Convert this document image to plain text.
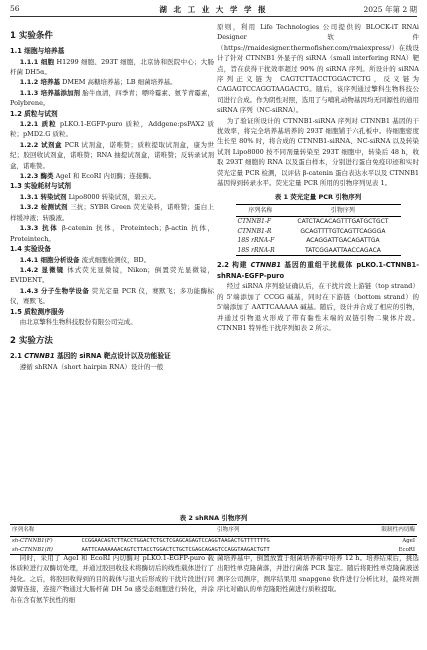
56	湖 北 工 业 大 学 学 报	2025 年第 2 期
1 实验条件
1.1 细胞与培养基

1.1.1 细胞 H1299 细胞、293T 细胞，北京协和医院中心；大肠杆菌 DH5α。

1.1.2 培养基 DMEM 高糖培养基；LB 细菌培养基。

1.1.3 培养基添加剂 胎牛血清，四季青；嘌呤霉素、氨苄青霉素，Polybrene。

1.2 质粒与试剂

1.2.1 质粒 pLKO.1-EGFP-puro 质粒，Addgene:psPAX2 质粒；pMD2.G 质粒。

1.2.2 试剂盒 PCR 试剂盒，诺唯赞；质粒提取试剂盒，康为世纪；胶回收试剂盒，诺唯赞；RNA 抽提试剂盒，诺唯赞；反转录试剂盒，诺唯赞。

1.2.3 酶类 AgeI 和 EcoRI 内切酶；连接酶。

1.3 实验耗材与试剂

1.3.1 转染试剂 Lipo8000 转染试剂，碧云天。

1.3.2 检测试剂 三抗；SYBR Green 荧光染料，诺唯赞；蛋白上样缓冲液；转膜液。

1.3.3 抗体 β-catenin 抗体，Proteintech；β-actin 抗体，Proteintech。

1.4 实验设备

1.4.1 细胞分析设备 流式细胞检测仪，BD。

1.4.2 显微镜 体式荧光显微镜，Nikon；倒置荧光显微镜，EVIDENT。

1.4.3 分子生物学设备 荧光定量 PCR 仪，赛默飞；多功能酶标仪，赛默飞。

1.5 质粒测序服务

由北京擎科生物科技股份有限公司完成。

2 实验方法
2.1 CTNNB1 基因的 siRNA 靶点设计以及功能验证

遵循 shRNA（short hairpin RNA）设计的一般

原则，利用 Life Technologies 公司提供的 BLOCK-iT RNAi Designer 软件（https://rnaidesigner.thermofisher.com/rnaiexpress/）在线设计了针对 CTNNB1 外显子的 siRNA（small interfering RNA）靶点，旨在获得干扰效率超过 90% 的 siRNA 序列。所设计的 siRNA 序列正义链为 CAGTCTTACCTGGACTCTG，反义链为 CAGAGTCCAGGTAAGACTG。随后，该序列通过擎科生物科技公司进行合成。作为阴性对照，选用了与哺乳动物基因均无同源性的通用 siRNA 序列（NC-siRNA）。

为了验证所设计的 CTNNB1-siRNA 序列对 CTNNB1 基因的干扰效率，将完全培养基培养的 293T 细胞铺于六孔板中。待细胞密度生长至 80% 时，将合成的 CTNNB1-siRNA、NC-siRNA 以及转染试剂 Lipo8000 按不同剂量转染至 293T 细胞中，转染后 48 h，收取 293T 细胞的 RNA 以及蛋白样本，分别进行蛋白免疫印迹和实时荧光定量 PCR 检测，以评估 β-catenin 蛋白表达水平以及 CTNNB1 基因得到转录水平。荧光定量 PCR 所用的引物序列见表 1。

表 1 荧光定量 PCR 引物序列
序列名称	引物序列
CTNNB1-F	CATCTACACAGTTTGATGCTGCT
CTNNB1-R	GCAGTTTTGTCAGTTCAGGGA
18S rRNA-F	ACAGGATTGACAGATTGA
18S rRNA-R	TATCGGAATTAACCAGACA
2.2 构建 CTNNB1 基因的重组干扰载体 pLKO.1-CTNNB1-shRNA-EGFP-puro

经过 siRNA 序列验证确认后，在干扰片段上游链（top strand）的 5'端添加了 CCGG 碱基，同时在下游链（bottom strand）的 5'端添加了 AATTCAAAAA 碱基。随后，设计并合成了相应的引物，并通过引物退火形成了带有黏性末端的双链引物二聚体片段。CTNNB1 特异性干扰序列如表 2 所示。

表 2 shRNA 引物序列
序列名称	引物序列	限制性内切酶
sh-CTNNB1(F)	CCGGAACAGTCTTACCTGGACTCTGCTCGAGCAGAGTCCAGGTAAGACTGTTTTTTTG	AgeI
sh-CTNNB1(R)	AATTCAAAAAAACAGTCTTACCTGGACTCTGCTCGAGCAGAGTCCAGGTAAGACTGTT	EcoRI

同时，采用了 AgeI 和 EcoRI 内切酶对 pLKO.1-EGFP-puro 载体质粒进行双酶切处理，并通过胶回收技术将酶切后的线性载体进行了纯化。之后，将胶回收得到的目的载体与退火后形成的干扰片段进行同源臂连接，连接产物通过大肠杆菌 DH 5α 感受态细胞进行转化，并涂布在含有氨苄抗性的细

菌培养基中，倒置放置于细菌培养箱中培养 12 h。培养结束后，挑选出阳性单克隆菌落，并进行菌落 PCR 鉴定。随后将阳性单克隆菌液送测序公司测序，测序结果用 snapgene 软件进行分析比对，最终对测序比对确认的单克隆阳性菌进行质粒提取。
